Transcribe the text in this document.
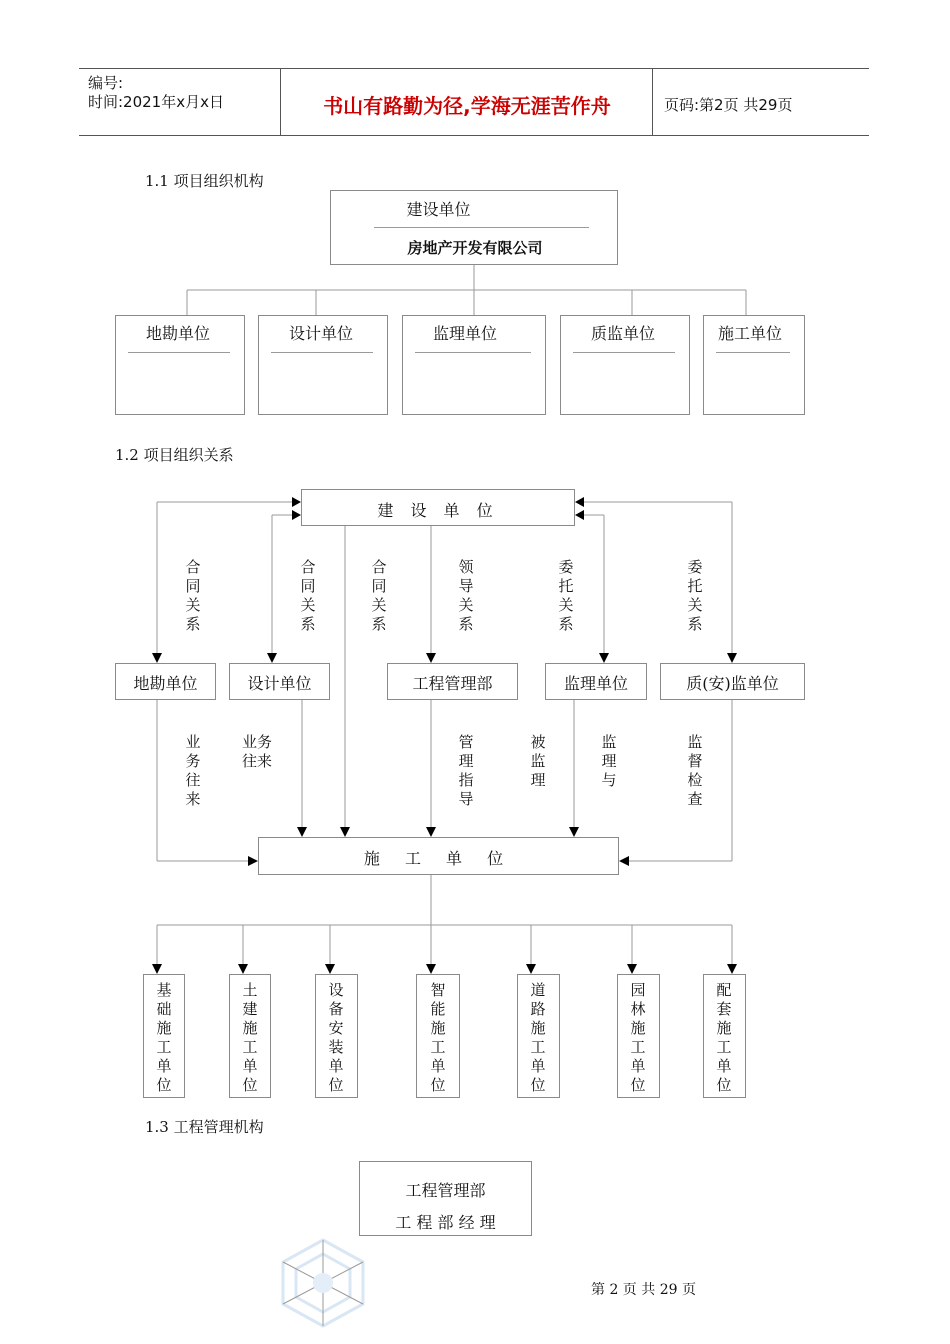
编号:
时间:2021年x月x日	书山有路勤为径,学海无涯苦作舟	页码:第2页 共29页
1.1 项目组织机构
建设单位
房地产开发有限公司
地勘单位	设计单位	监理单位	质监单位	施工单位
1.2 项目组织关系
建 设 单 位
合同关系
合同关系
合同关系
领导关系
委托关系
委托关系
地勘单位	设计单位	工程管理部	监理单位	质(安)监单位
业务往来
业务往来
管理指导
被监理
监理与
监督检查
施 工 单 位
基础施工单位
土建施工单位
设备安装单位
智能施工单位
道路施工单位
园林施工单位
配套施工单位
1.3 工程管理机构
工程管理部
工 程 部 经 理
第 2 页 共 29 页
